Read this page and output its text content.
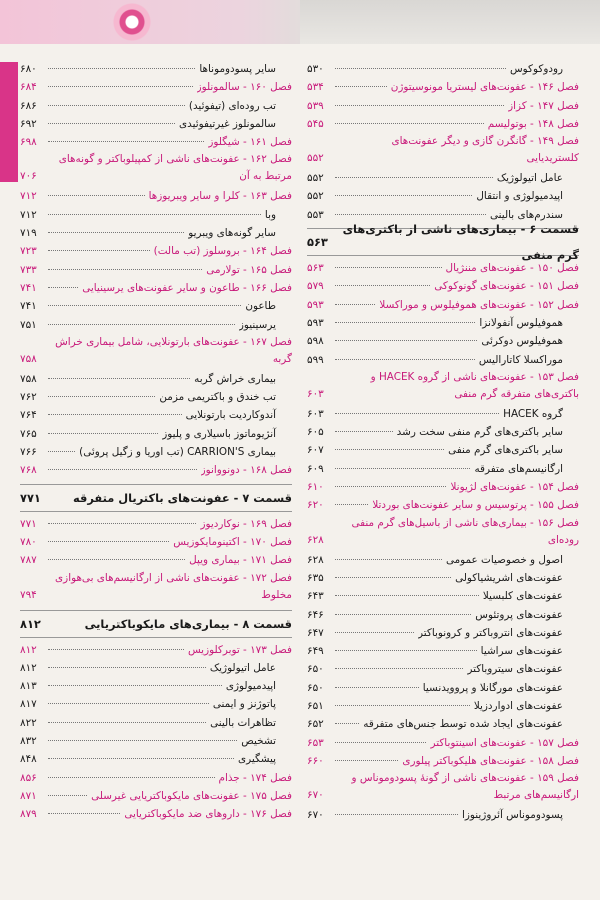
رودوکوکوس
۵۳۰
فصل ۱۴۶ - عفونت‌های لیستریا مونوسیتوژن
۵۳۴
فصل ۱۴۷ - کزاز
۵۳۹
فصل ۱۴۸ - بوتولیسم
۵۴۵
فصل ۱۴۹ - گانگرن گازی و دیگر عفونت‌های کلستریدیایی
۵۵۲
عامل اتیولوژیک
۵۵۲
اپیدمیولوژی و انتقال
۵۵۲
سندرم‌های بالینی
۵۵۳
قسمت ۶ - بیماری‌های ناشی از باکتری‌های گرم منفی
۵۶۳
فصل ۱۵۰ - عفونت‌های مننژیال
۵۶۳
فصل ۱۵۱ - عفونت‌های گونوکوکی
۵۷۹
فصل ۱۵۲ - عفونت‌های هموفیلوس و موراکسلا
۵۹۳
هموفیلوس آنفولانزا
۵۹۳
هموفیلوس دوکرئی
۵۹۸
موراکسلا کاتارالیس
۵۹۹
فصل ۱۵۳ - عفونت‌های ناشی از گروه HACEK و باکتری‌های متفرقه گرم منفی
۶۰۳
گروه HACEK
۶۰۳
سایر باکتری‌های گرم منفی سخت رشد
۶۰۵
سایر باکتری‌های گرم منفی
۶۰۷
ارگانیسم‌های متفرقه
۶۰۹
فصل ۱۵۴ - عفونت‌های لژیونلا
۶۱۰
فصل ۱۵۵ - پرتوسیس و سایر عفونت‌های بوردتلا
۶۲۰
فصل ۱۵۶ - بیماری‌های ناشی از باسیل‌های گرم منفی روده‌ای
۶۲۸
اصول و خصوصیات عمومی
۶۲۸
عفونت‌های اشریشیاکولی
۶۳۵
عفونت‌های کلبسیلا
۶۴۳
عفونت‌های پروتئوس
۶۴۶
عفونت‌های انتروباکتر و کرونوباکتر
۶۴۷
عفونت‌های سراشیا
۶۴۹
عفونت‌های سیتروباکتر
۶۵۰
عفونت‌های مورگانلا و پروویدنسیا
۶۵۰
عفونت‌های ادواردزیلا
۶۵۱
عفونت‌های ایجاد شده توسط جنس‌های متفرقه
۶۵۲
فصل ۱۵۷ - عفونت‌های اسینتوباکتر
۶۵۳
فصل ۱۵۸ - عفونت‌های هلیکوباکتر پیلوری
۶۶۰
فصل ۱۵۹ - عفونت‌های ناشی از گونهٔ پسودوموناس و ارگانیسم‌های مرتبط
۶۷۰
پسودوموناس آئروژینوزا
۶۷۰
سایر پسودوموناها
۶۸۰
فصل ۱۶۰ - سالمونلوز
۶۸۴
تب روده‌ای (تیفوئید)
۶۸۶
سالمونلوز غیرتیفوئیدی
۶۹۲
فصل ۱۶۱ - شیگلوز
۶۹۸
فصل ۱۶۲ - عفونت‌های ناشی از کمپیلوباکتر و گونه‌های مرتبط به آن
۷۰۶
فصل ۱۶۳ - کلرا و سایر ویبریوزها
۷۱۲
وبا
۷۱۲
سایر گونه‌های ویبریو
۷۱۹
فصل ۱۶۴ - بروسلوز (تب مالت)
۷۲۳
فصل ۱۶۵ - تولارمی
۷۳۳
فصل ۱۶۶ - طاعون و سایر عفونت‌های یرسینیایی
۷۴۱
طاعون
۷۴۱
یرسینیوز
۷۵۱
فصل ۱۶۷ - عفونت‌های بارتونلایی، شامل بیماری خراش گربه
۷۵۸
بیماری خراش گربه
۷۵۸
تب خندق و باکتریمی مزمن
۷۶۲
آندوکاردیت بارتونلایی
۷۶۴
آنژیوماتوز باسیلاری و پلیوز
۷۶۵
بیماری CARRION'S (تب اوریا و زگیل پروئی)
۷۶۶
فصل ۱۶۸ - دونووانوز
۷۶۸
قسمت ۷ - عفونت‌های باکتریال متفرقه
۷۷۱
فصل ۱۶۹ - نوکاردیوز
۷۷۱
فصل ۱۷۰ - اکتینومایکوزیس
۷۸۰
فصل ۱۷۱ - بیماری ویپل
۷۸۷
فصل ۱۷۲ - عفونت‌های ناشی از ارگانیسم‌های بی‌هوازی مخلوط
۷۹۴
قسمت ۸ - بیماری‌های مایکوباکتریایی
۸۱۲
فصل ۱۷۳ - توبرکلوزیس
۸۱۲
عامل اتیولوژیک
۸۱۲
اپیدمیولوژی
۸۱۳
پاتوژنز و ایمنی
۸۱۷
تظاهرات بالینی
۸۲۲
تشخیص
۸۳۲
پیشگیری
۸۴۸
فصل ۱۷۴ - جذام
۸۵۶
فصل ۱۷۵ - عفونت‌های مایکوباکتریایی غیرسلی
۸۷۱
فصل ۱۷۶ - داروهای ضد مایکوباکتریایی
۸۷۹
